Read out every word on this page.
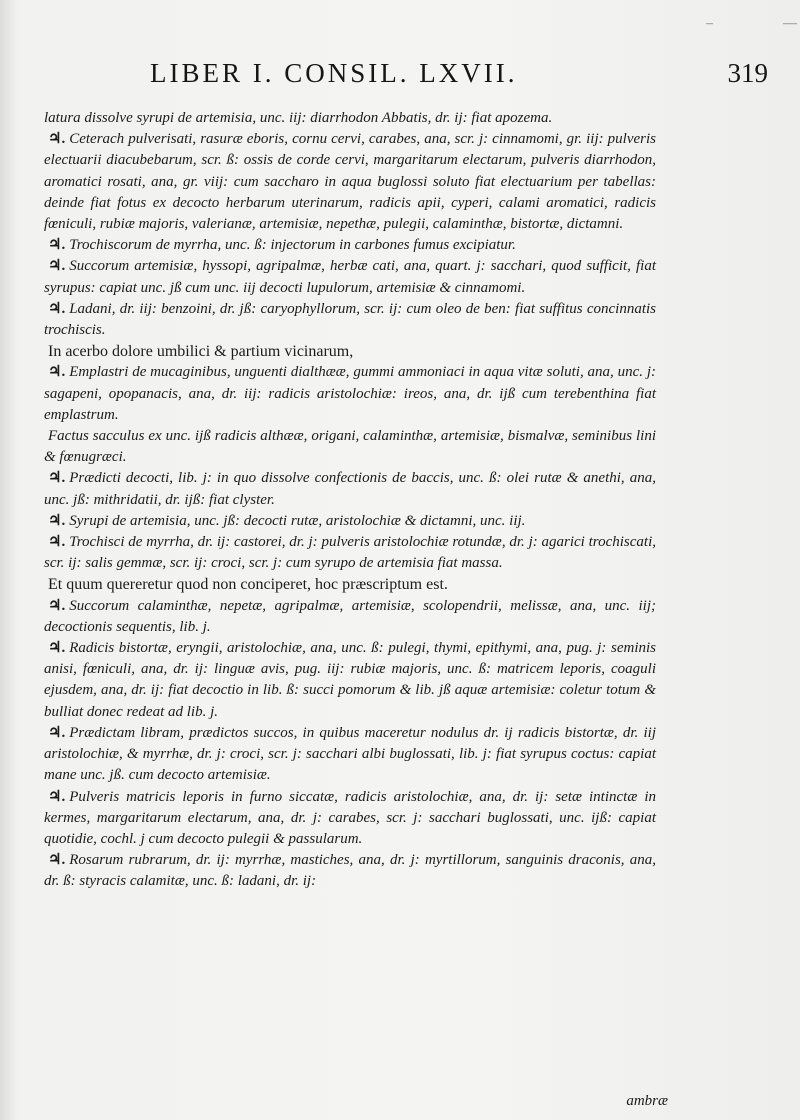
LIBER I. CONSIL. LXVII.	319

latura dissolve syrupi de artemisia, unc. iij: diarrhodon Abbatis, dr. ij: fiat apozema.

♃. Ceterach pulverisati, rasuræ eboris, cornu cervi, carabes, ana, scr. j: cinnamomi, gr. iij: pulveris electuarii diacubebarum, scr. ß: ossis de corde cervi, margaritarum electarum, pulveris diarrhodon, aromatici rosati, ana, gr. viij: cum saccharo in aqua buglossi soluto fiat electuarium per tabellas: deinde fiat fotus ex decocto herbarum uterinarum, radicis apii, cyperi, calami aromatici, radicis fœniculi, rubiæ majoris, valerianæ, artemisiæ, nepethæ, pulegii, calaminthæ, bistortæ, dictamni.

♃. Trochiscorum de myrrha, unc. ß: injectorum in carbones fumus excipiatur.

♃. Succorum artemisiæ, hyssopi, agripalmæ, herbæ cati, ana, quart. j: sacchari, quod sufficit, fiat syrupus: capiat unc. jß cum unc. iij decocti lupulorum, artemisiæ & cinnamomi.

♃. Ladani, dr. iij: benzoini, dr. jß: caryophyllorum, scr. ij: cum oleo de ben: fiat suffitus concinnatis trochiscis.

In acerbo dolore umbilici & partium vicinarum,

♃. Emplastri de mucaginibus, unguenti dialthææ, gummi ammoniaci in aqua vitæ soluti, ana, unc. j: sagapeni, opopanacis, ana, dr. iij: radicis aristolochiæ: ireos, ana, dr. ijß cum terebenthina fiat emplastrum.

Factus sacculus ex unc. ijß radicis althææ, origani, calaminthæ, artemisiæ, bismalvæ, seminibus lini & fœnugræci.

♃. Prædicti decocti, lib. j: in quo dissolve confectionis de baccis, unc. ß: olei rutæ & anethi, ana, unc. jß: mithridatii, dr. ijß: fiat clyster.

♃. Syrupi de artemisia, unc. jß: decocti rutæ, aristolochiæ & dictamni, unc. iij.

♃. Trochisci de myrrha, dr. ij: castorei, dr. j: pulveris aristolochiæ rotundæ, dr. j: agarici trochiscati, scr. ij: salis gemmæ, scr. ij: croci, scr. j: cum syrupo de artemisia fiat massa.

Et quum quereretur quod non conciperet, hoc præscriptum est.

♃. Succorum calaminthæ, nepetæ, agripalmæ, artemisiæ, scolopendrii, melissæ, ana, unc. iij; decoctionis sequentis, lib. j.

♃. Radicis bistortæ, eryngii, aristolochiæ, ana, unc. ß: pulegi, thymi, epithymi, ana, pug. j: seminis anisi, fœniculi, ana, dr. ij: linguæ avis, pug. iij: rubiæ majoris, unc. ß: matricem leporis, coaguli ejusdem, ana, dr. ij: fiat decoctio in lib. ß: succi pomorum & lib. jß aquæ artemisiæ: coletur totum & bulliat donec redeat ad lib. j.

♃. Prædictam libram, prædictos succos, in quibus maceretur nodulus dr. ij radicis bistortæ, dr. iij aristolochiæ, & myrrhæ, dr. j: croci, scr. j: sacchari albi buglossati, lib. j: fiat syrupus coctus: capiat mane unc. jß. cum decocto artemisiæ.

♃. Pulveris matricis leporis in furno siccatæ, radicis aristolochiæ, ana, dr. ij: setæ intinctæ in kermes, margaritarum electarum, ana, dr. j: carabes, scr. j: sacchari buglossati, unc. ijß: capiat quotidie, cochl. j cum decocto pulegii & passularum.

♃. Rosarum rubrarum, dr. ij: myrrhæ, mastiches, ana, dr. j: myrtillorum, sanguinis draconis, ana, dr. ß: styracis calamitæ, unc. ß: ladani, dr. ij:

ambræ
–	—
